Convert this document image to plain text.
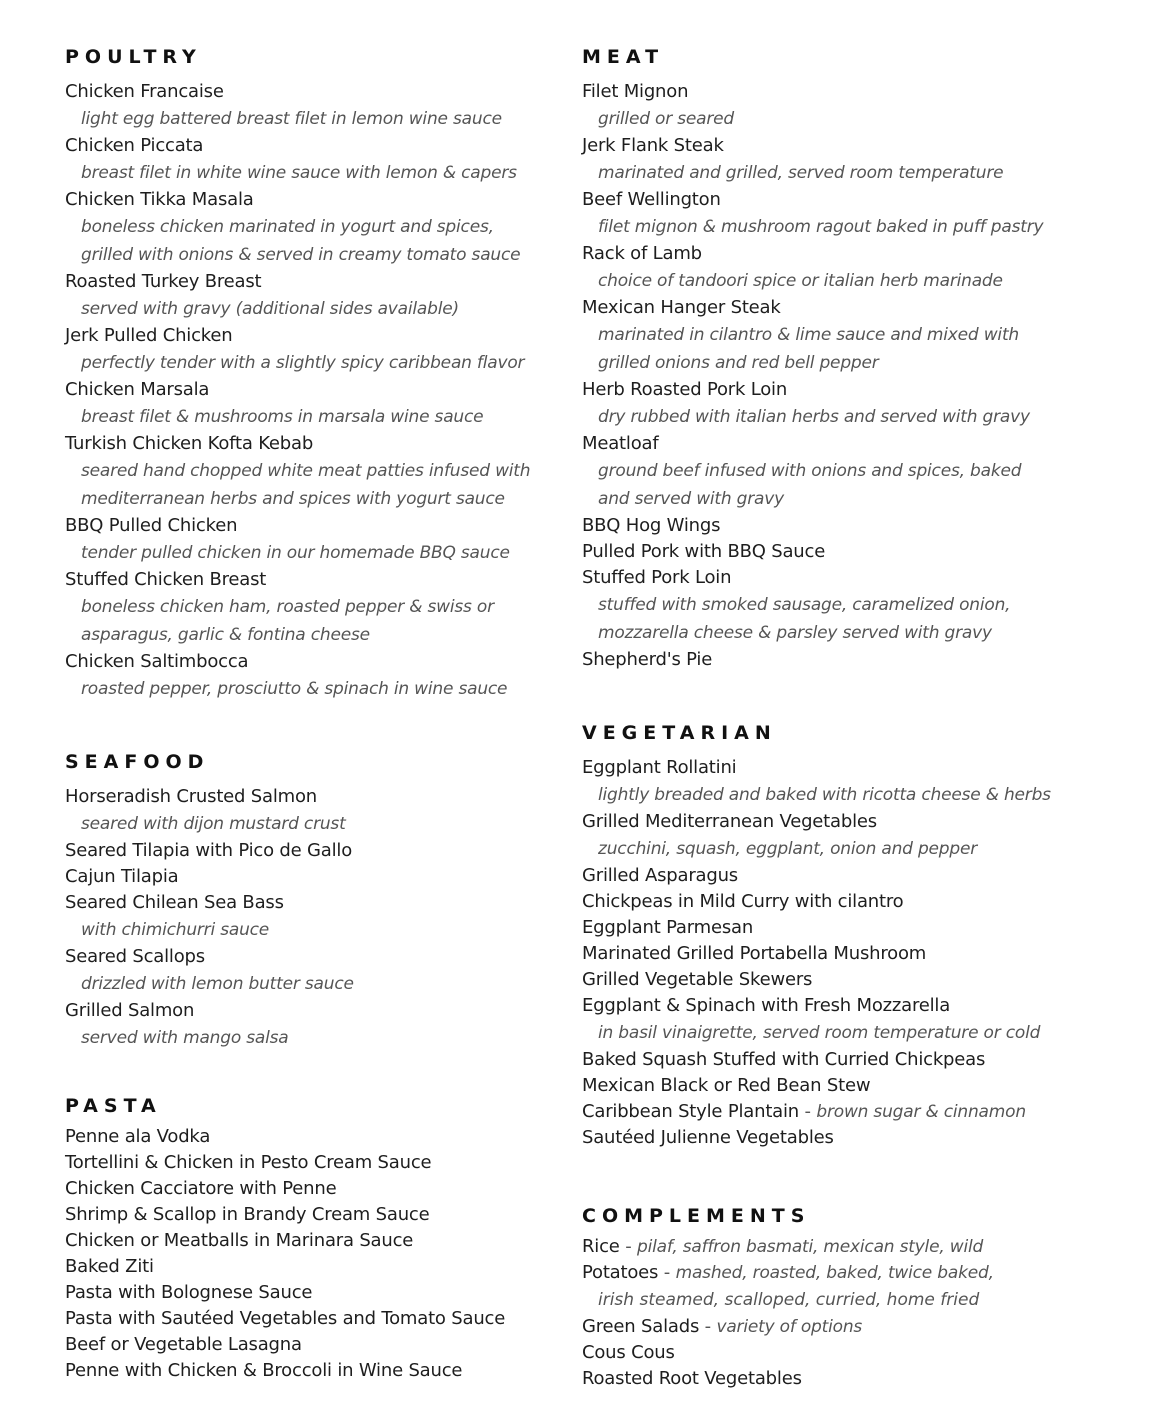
POULTRY
Chicken Francaise
light egg battered breast filet in lemon wine sauce
Chicken Piccata
breast filet in white wine sauce with lemon & capers
Chicken Tikka Masala
boneless chicken marinated in yogurt and spices,
grilled with onions & served in creamy tomato sauce
Roasted Turkey Breast
served with gravy (additional sides available)
Jerk Pulled Chicken
perfectly tender with a slightly spicy caribbean flavor
Chicken Marsala
breast filet & mushrooms in marsala wine sauce
Turkish Chicken Kofta Kebab
seared hand chopped white meat patties infused with
mediterranean herbs and spices with yogurt sauce
BBQ Pulled Chicken
tender pulled chicken in our homemade BBQ sauce
Stuffed Chicken Breast
boneless chicken ham, roasted pepper & swiss or
asparagus, garlic & fontina cheese
Chicken Saltimbocca
roasted pepper, prosciutto & spinach in wine sauce
SEAFOOD
Horseradish Crusted Salmon
seared with dijon mustard crust
Seared Tilapia with Pico de Gallo
Cajun Tilapia
Seared Chilean Sea Bass
with chimichurri sauce
Seared Scallops
drizzled with lemon butter sauce
Grilled Salmon
served with mango salsa
PASTA
Penne ala Vodka
Tortellini & Chicken in Pesto Cream Sauce
Chicken Cacciatore with Penne
Shrimp & Scallop in Brandy Cream Sauce
Chicken or Meatballs in Marinara Sauce
Baked Ziti
Pasta with Bolognese Sauce
Pasta with Sautéed Vegetables and Tomato Sauce
Beef or Vegetable Lasagna
Penne with Chicken & Broccoli in Wine Sauce
MEAT
Filet Mignon
grilled or seared
Jerk Flank Steak
marinated and grilled, served room temperature
Beef Wellington
filet mignon & mushroom ragout baked in puff pastry
Rack of Lamb
choice of tandoori spice or italian herb marinade
Mexican Hanger Steak
marinated in cilantro & lime sauce and mixed with
grilled onions and red bell pepper
Herb Roasted Pork Loin
dry rubbed with italian herbs and served with gravy
Meatloaf
ground beef infused with onions and spices, baked
and served with gravy
BBQ Hog Wings
Pulled Pork with BBQ Sauce
Stuffed Pork Loin
stuffed with smoked sausage, caramelized onion,
mozzarella cheese & parsley served with gravy
Shepherd's Pie
VEGETARIAN
Eggplant Rollatini
lightly breaded and baked with ricotta cheese & herbs
Grilled Mediterranean Vegetables
zucchini, squash, eggplant, onion and pepper
Grilled Asparagus
Chickpeas in Mild Curry with cilantro
Eggplant Parmesan
Marinated Grilled Portabella Mushroom
Grilled Vegetable Skewers
Eggplant & Spinach with Fresh Mozzarella
in basil vinaigrette, served room temperature or cold
Baked Squash Stuffed with Curried Chickpeas
Mexican Black or Red Bean Stew
Caribbean Style Plantain - brown sugar & cinnamon
Sautéed Julienne Vegetables
COMPLEMENTS
Rice - pilaf, saffron basmati, mexican style, wild
Potatoes - mashed, roasted, baked, twice baked,
irish steamed, scalloped, curried, home fried
Green Salads - variety of options
Cous Cous
Roasted Root Vegetables
